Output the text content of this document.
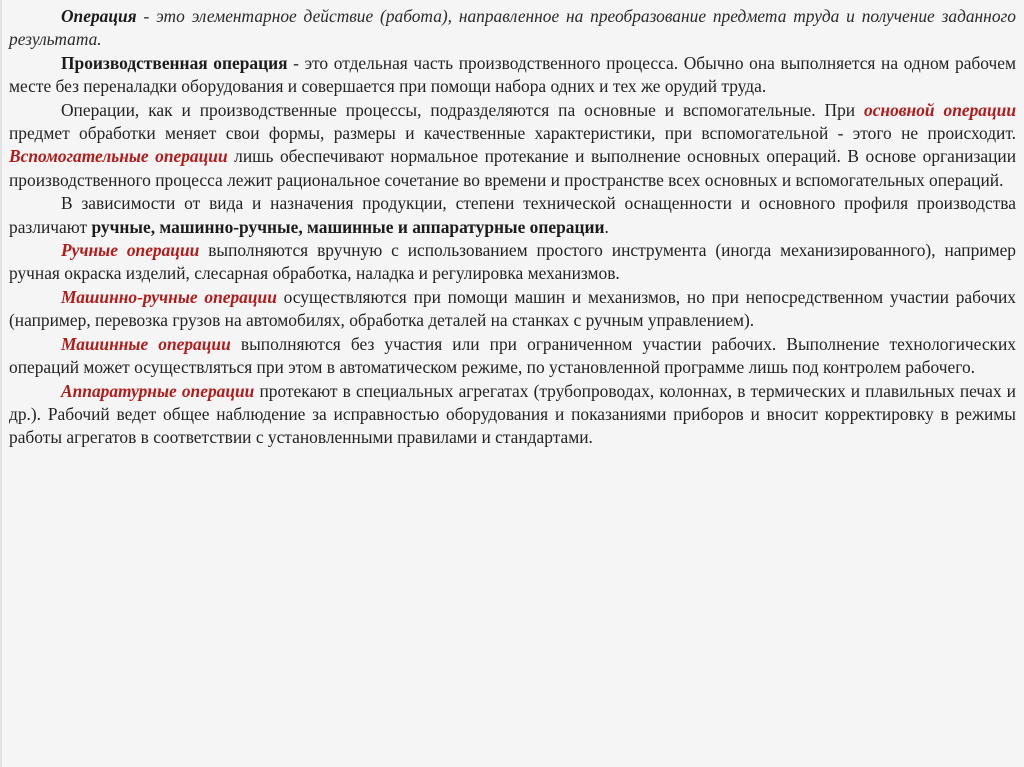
Операция - это элементарное действие (работа), направленное на преобразование предмета труда и получение заданного результата.

Производственная операция - это отдельная часть производственного процесса. Обычно она выполняется на одном рабочем месте без переналадки оборудования и совершается при помощи набора одних и тех же орудий труда.

Операции, как и производственные процессы, подразделяются па основные и вспомогательные. При основной операции предмет обработки меняет свои формы, размеры и качественные характеристики, при вспомогательной - этого не происходит. Вспомогательные операции лишь обеспечивают нормальное протекание и выполнение основных операций. В основе организации производственного процесса лежит рациональное сочетание во времени и пространстве всех основных и вспомогательных операций.

В зависимости от вида и назначения продукции, степени технической оснащенности и основного профиля производства различают ручные, машинно-ручные, машинные и аппаратурные операции.

Ручные операции выполняются вручную с использованием простого инструмента (иногда механизированного), например ручная окраска изделий, слесарная обработка, наладка и регулировка механизмов.

Машинно-ручные операции осуществляются при помощи машин и механизмов, но при непосредственном участии рабочих (например, перевозка грузов на автомобилях, обработка деталей на станках с ручным управлением).

Машинные операции выполняются без участия или при ограниченном участии рабочих. Выполнение технологических операций может осуществляться при этом в автоматическом режиме, по установленной программе лишь под контролем рабочего.

Аппаратурные операции протекают в специальных агрегатах (трубопроводах, колоннах, в термических и плавильных печах и др.). Рабочий ведет общее наблюдение за исправностью оборудования и показаниями приборов и вносит корректировку в режимы работы агрегатов в соответствии с установленными правилами и стандартами.
